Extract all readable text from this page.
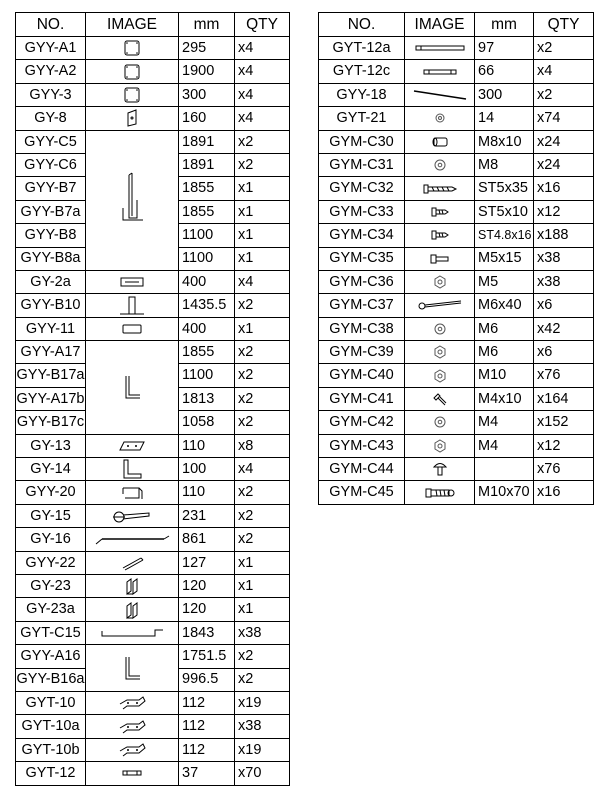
NO.	IMAGE	mm	QTY
GYY-A1		295	x4
GYY-A2		1900	x4
GYY-3		300	x4
GY-8		160	x4
GYY-C5		1891	x2
GYY-C6		1891	x2
GYY-B7		1855	x1
GYY-B7a		1855	x1
GYY-B8		1100	x1
GYY-B8a		1100	x1
GY-2a		400	x4
GYY-B10		1435.5	x2
GYY-11		400	x1
GYY-A17		1855	x2
GYY-B17a		1100	x2
GYY-A17b		1813	x2
GYY-B17c		1058	x2
GY-13		110	x8
GY-14		100	x4
GYY-20		110	x2
GY-15		231	x2
GY-16		861	x2
GYY-22		127	x1
GY-23		120	x1
GY-23a		120	x1
GYT-C15		1843	x38
GYY-A16		1751.5	x2
GYY-B16a		996.5	x2
GYT-10		112	x19
GYT-10a		112	x38
GYT-10b		112	x19
GYT-12		37	x70
NO.	IMAGE	mm	QTY
GYT-12a		97	x2
GYT-12c		66	x4
GYY-18		300	x2
GYT-21		14	x74
GYM-C30		M8x10	x24
GYM-C31		M8	x24
GYM-C32		ST5x35	x16
GYM-C33		ST5x10	x12
GYM-C34		ST4.8x16	x188
GYM-C35		M5x15	x38
GYM-C36		M5	x38
GYM-C37		M6x40	x6
GYM-C38		M6	x42
GYM-C39		M6	x6
GYM-C40		M10	x76
GYM-C41		M4x10	x164
GYM-C42		M4	x152
GYM-C43		M4	x12
GYM-C44			x76
GYM-C45		M10x70	x16
